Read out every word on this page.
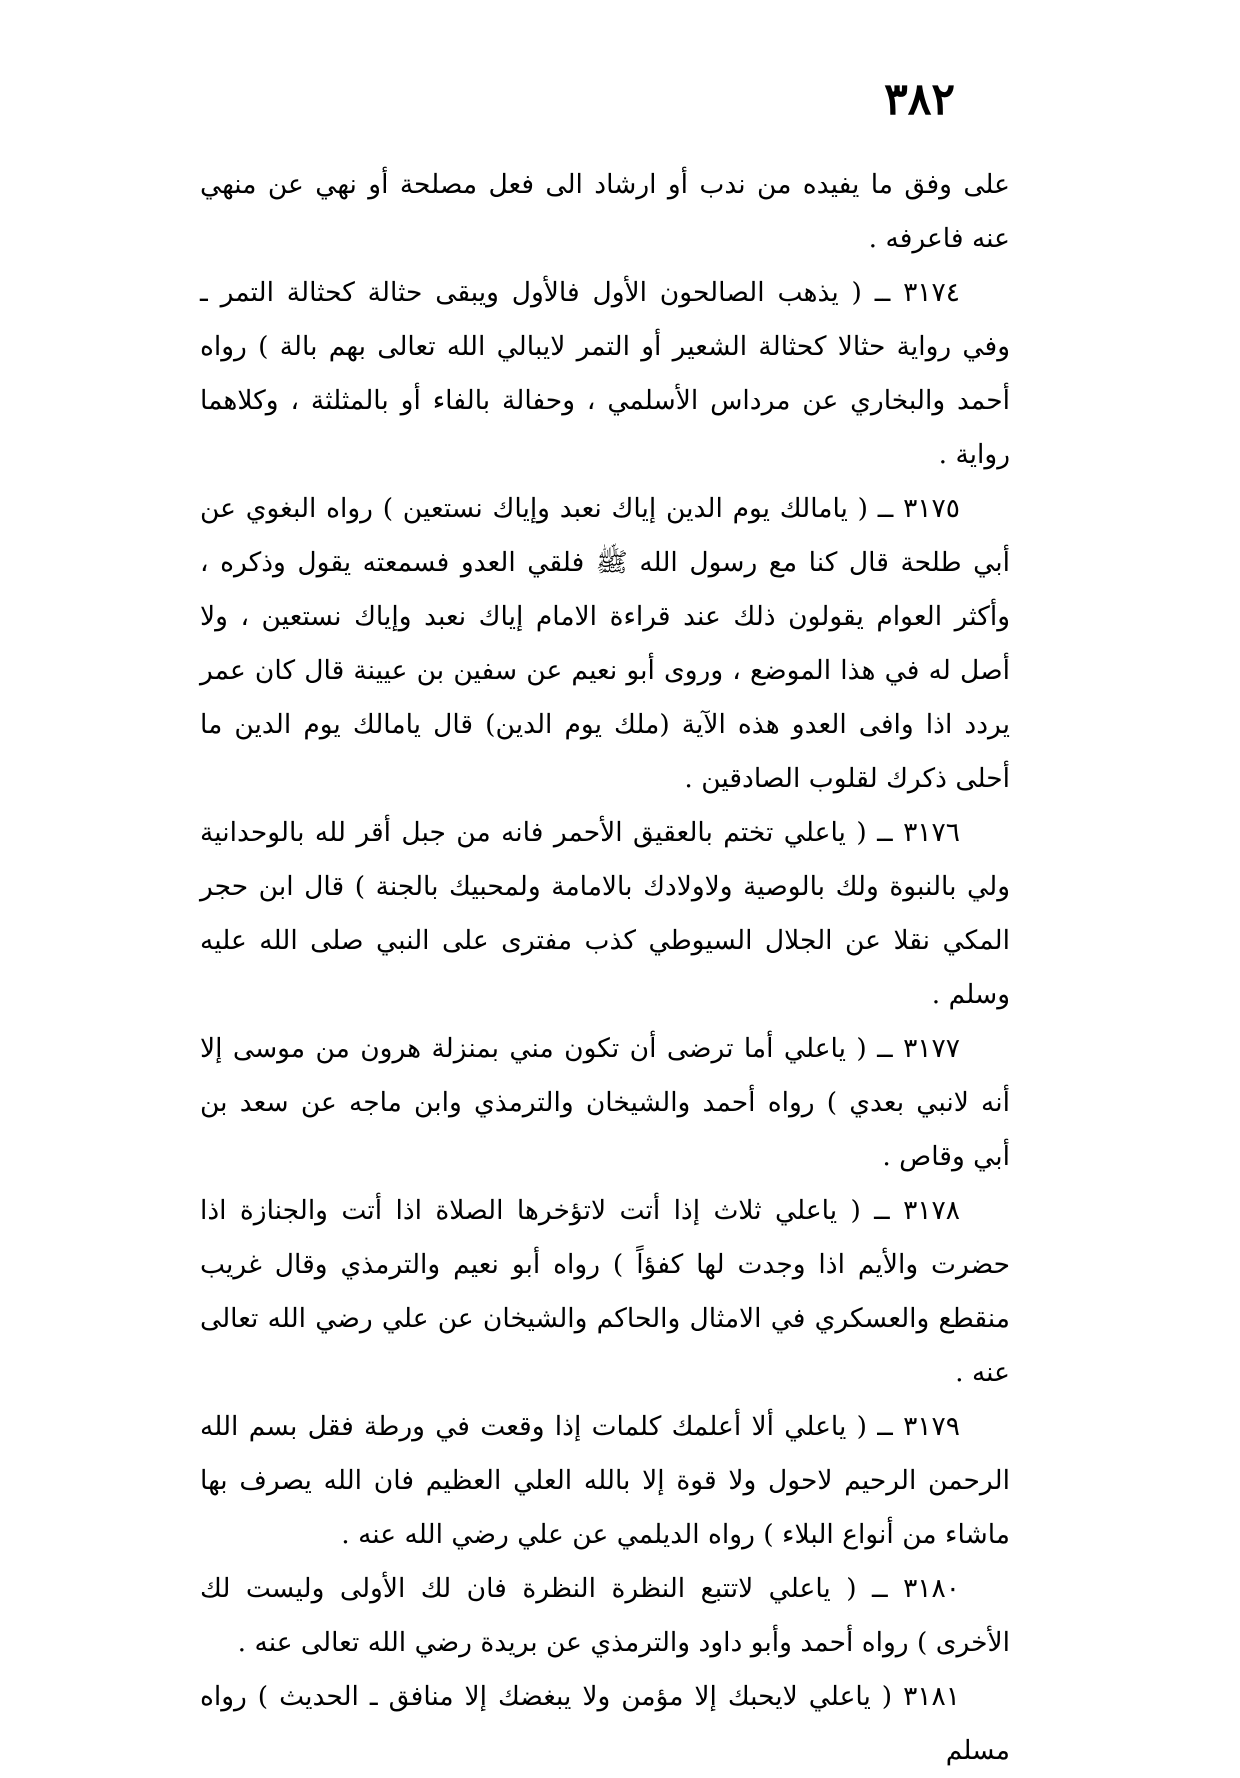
٣٨٢

على وفق ما يفيده من ندب أو ارشاد الى فعل مصلحة أو نهي عن منهي عنه فاعرفه .

٣١٧٤ ــ ( يذهب الصالحون الأول فالأول ويبقى حثالة كحثالة التمر ـ وفي رواية حثالا كحثالة الشعير أو التمر لايبالي الله تعالى بهم بالة ) رواه أحمد والبخاري عن مرداس الأسلمي ، وحفالة بالفاء أو بالمثلثة ، وكلاهما رواية .

٣١٧٥ ــ ( يامالك يوم الدين إياك نعبد وإياك نستعين ) رواه البغوي عن أبي طلحة قال كنا مع رسول الله ﷺ فلقي العدو فسمعته يقول وذكره ، وأكثر العوام يقولون ذلك عند قراءة الامام إياك نعبد وإياك نستعين ، ولا أصل له في هذا الموضع ، وروى أبو نعيم عن سفين بن عيينة قال كان عمر يردد اذا وافى العدو هذه الآية (ملك يوم الدين) قال يامالك يوم الدين ما أحلى ذكرك لقلوب الصادقين .

٣١٧٦ ــ ( ياعلي تختم بالعقيق الأحمر فانه من جبل أقر لله بالوحدانية ولي بالنبوة ولك بالوصية ولاولادك بالامامة ولمحبيك بالجنة ) قال ابن حجر المكي نقلا عن الجلال السيوطي كذب مفترى على النبي صلى الله عليه وسلم .

٣١٧٧ ــ ( ياعلي أما ترضى أن تكون مني بمنزلة هرون من موسى إلا أنه لانبي بعدي ) رواه أحمد والشيخان والترمذي وابن ماجه عن سعد بن أبي وقاص .

٣١٧٨ ــ ( ياعلي ثلاث إذا أتت لاتؤخرها الصلاة اذا أتت والجنازة اذا حضرت والأيم اذا وجدت لها كفؤاً ) رواه أبو نعيم والترمذي وقال غريب منقطع والعسكري في الامثال والحاكم والشيخان عن علي رضي الله تعالى عنه .

٣١٧٩ ــ ( ياعلي ألا أعلمك كلمات إذا وقعت في ورطة فقل بسم الله الرحمن الرحيم لاحول ولا قوة إلا بالله العلي العظيم فان الله يصرف بها ماشاء من أنواع البلاء ) رواه الديلمي عن علي رضي الله عنه .

٣١٨٠ ــ ( ياعلي لاتتبع النظرة النظرة فان لك الأولى وليست لك الأخرى ) رواه أحمد وأبو داود والترمذي عن بريدة رضي الله تعالى عنه .

٣١٨١ ( ياعلي لايحبك إلا مؤمن ولا يبغضك إلا منافق ـ الحديث ) رواه مسلم
